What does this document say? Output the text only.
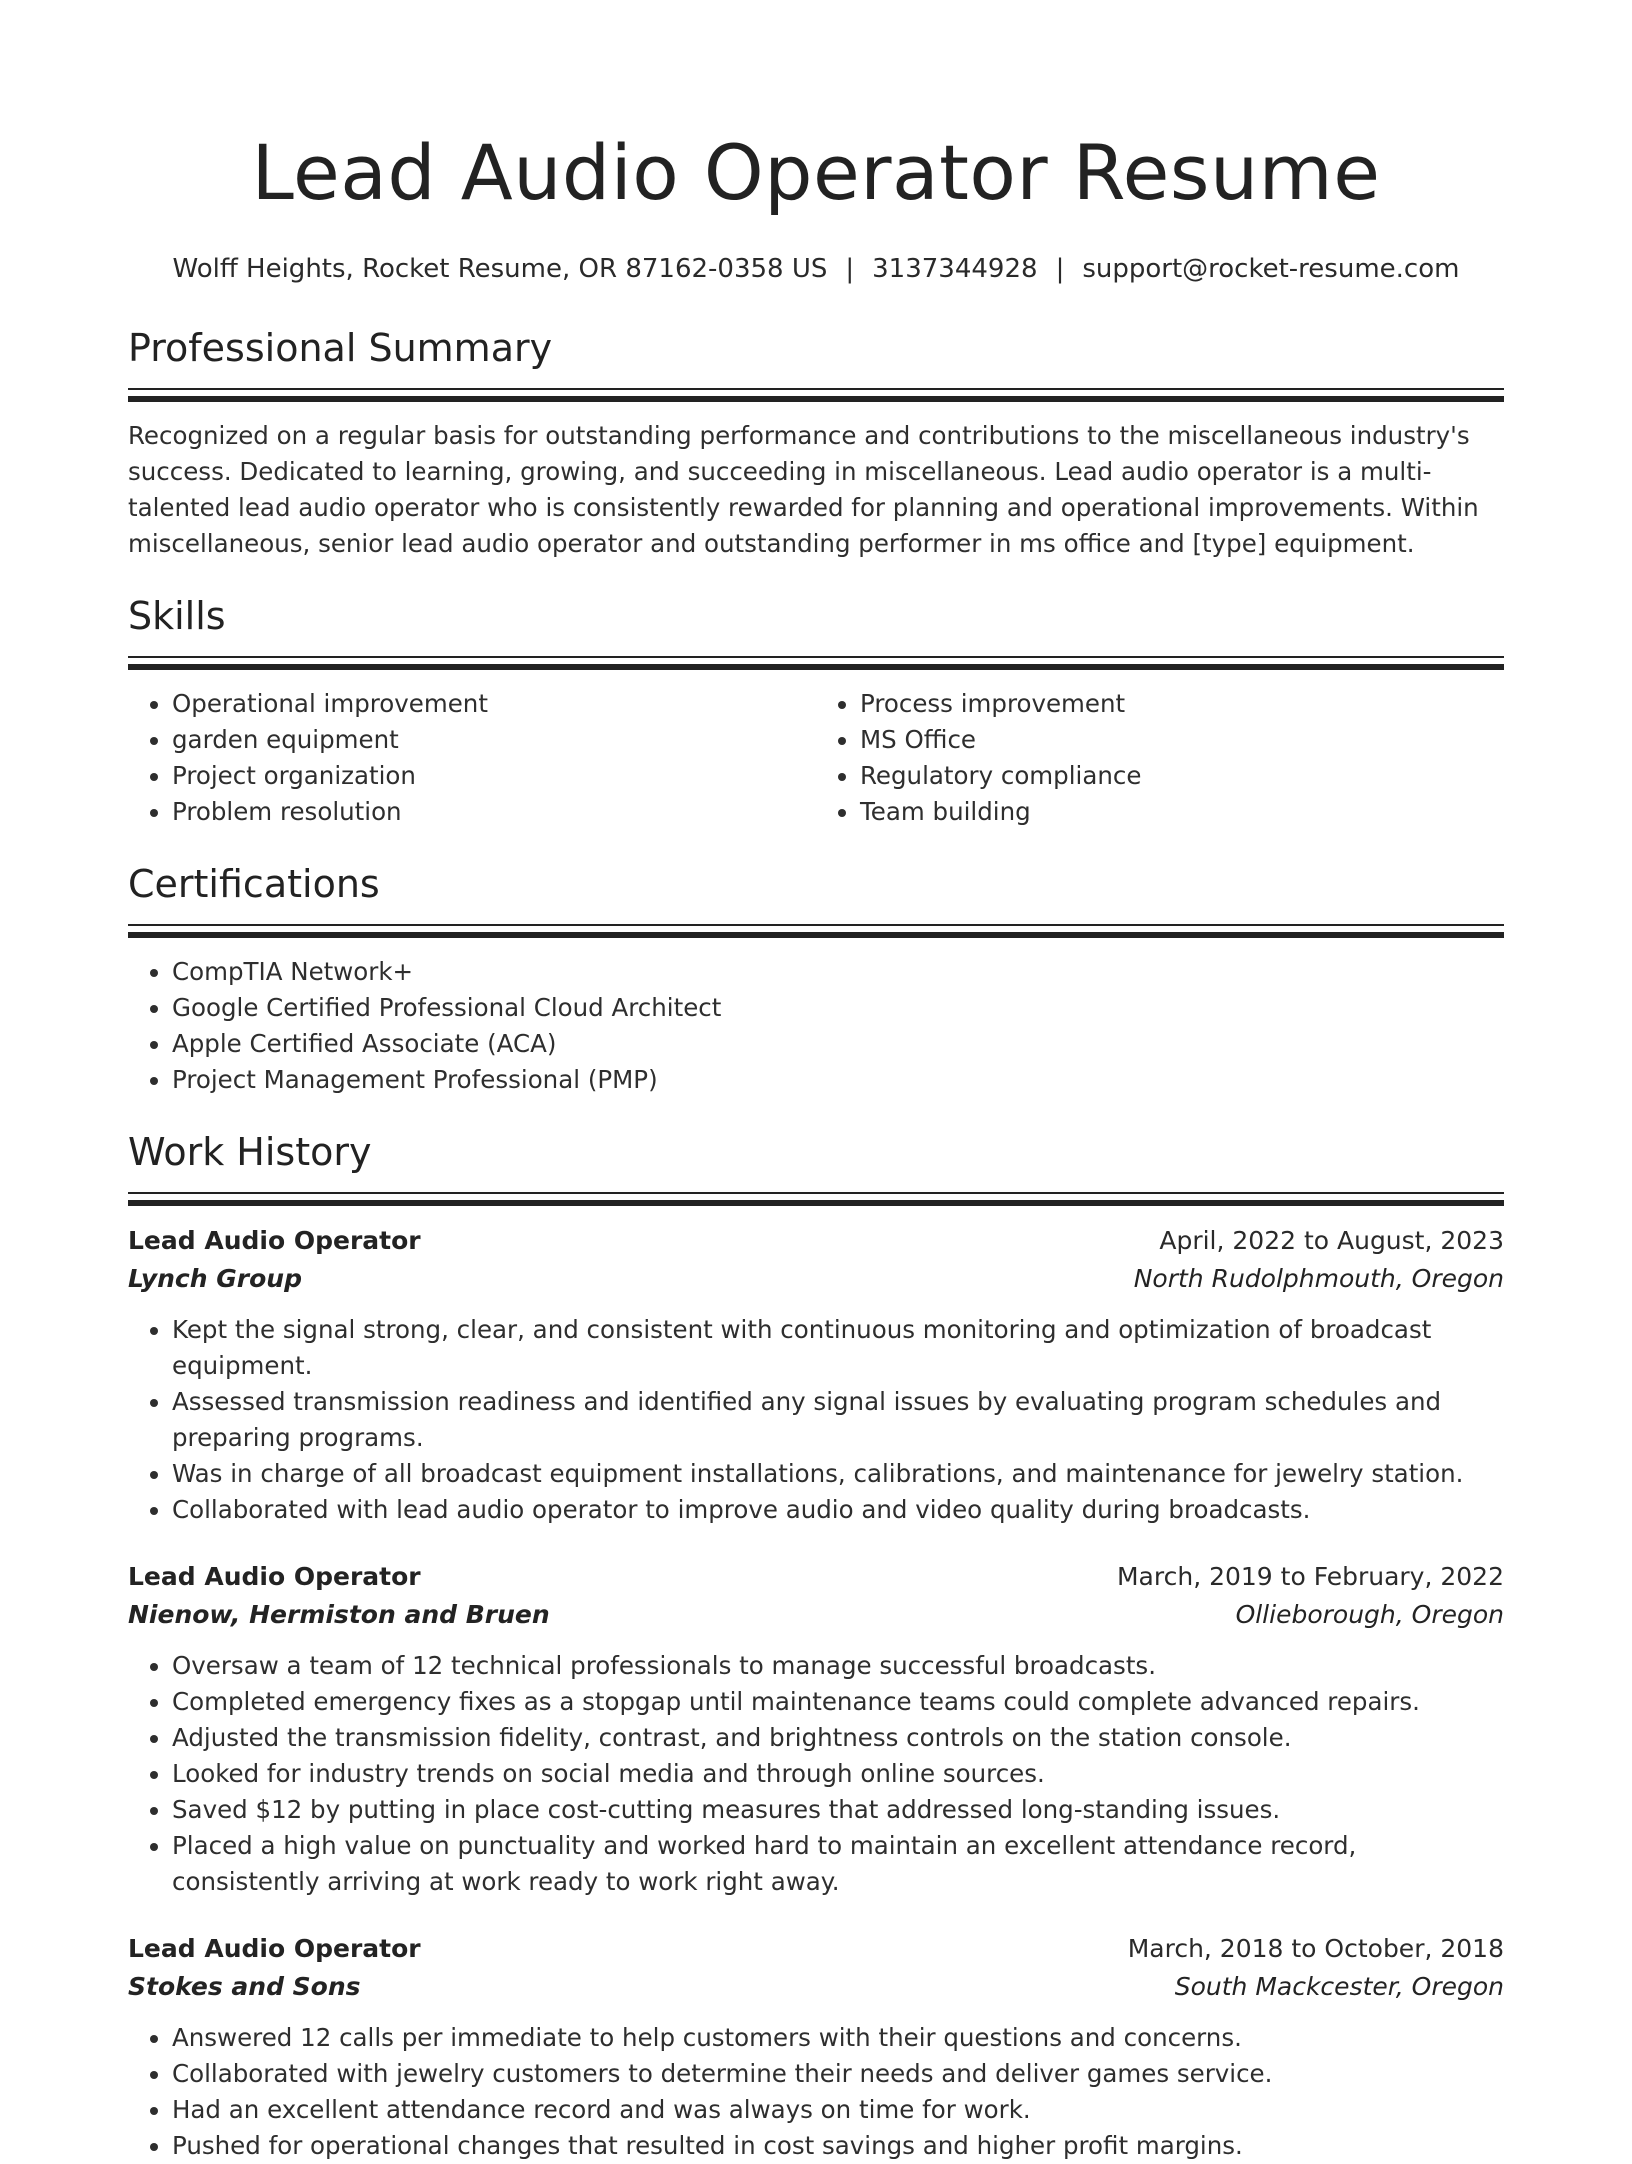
Lead Audio Operator Resume
Wolff Heights, Rocket Resume, OR 87162-0358 US | 3137344928 | support@rocket-resume.com
Professional Summary

Recognized on a regular basis for outstanding performance and contributions to the miscellaneous industry's success. Dedicated to learning, growing, and succeeding in miscellaneous. Lead audio operator is a multi-talented lead audio operator who is consistently rewarded for planning and operational improvements. Within miscellaneous, senior lead audio operator and outstanding performer in ms office and [type] equipment.

Skills
• Operational improvement
• garden equipment
• Project organization
• Problem resolution
• Process improvement
• MS Office
• Regulatory compliance
• Team building
Certifications
• CompTIA Network+
• Google Certified Professional Cloud Architect
• Apple Certified Associate (ACA)
• Project Management Professional (PMP)
Work History
Lead Audio Operator	April, 2022 to August, 2023
Lynch Group	North Rudolphmouth, Oregon
• Kept the signal strong, clear, and consistent with continuous monitoring and optimization of broadcast equipment.
• Assessed transmission readiness and identified any signal issues by evaluating program schedules and preparing programs.
• Was in charge of all broadcast equipment installations, calibrations, and maintenance for jewelry station.
• Collaborated with lead audio operator to improve audio and video quality during broadcasts.
Lead Audio Operator	March, 2019 to February, 2022
Nienow, Hermiston and Bruen	Ollieborough, Oregon
• Oversaw a team of 12 technical professionals to manage successful broadcasts.
• Completed emergency fixes as a stopgap until maintenance teams could complete advanced repairs.
• Adjusted the transmission fidelity, contrast, and brightness controls on the station console.
• Looked for industry trends on social media and through online sources.
• Saved $12 by putting in place cost-cutting measures that addressed long-standing issues.
• Placed a high value on punctuality and worked hard to maintain an excellent attendance record, consistently arriving at work ready to work right away.
Lead Audio Operator	March, 2018 to October, 2018
Stokes and Sons	South Mackcester, Oregon
• Answered 12 calls per immediate to help customers with their questions and concerns.
• Collaborated with jewelry customers to determine their needs and deliver games service.
• Had an excellent attendance record and was always on time for work.
• Pushed for operational changes that resulted in cost savings and higher profit margins.
